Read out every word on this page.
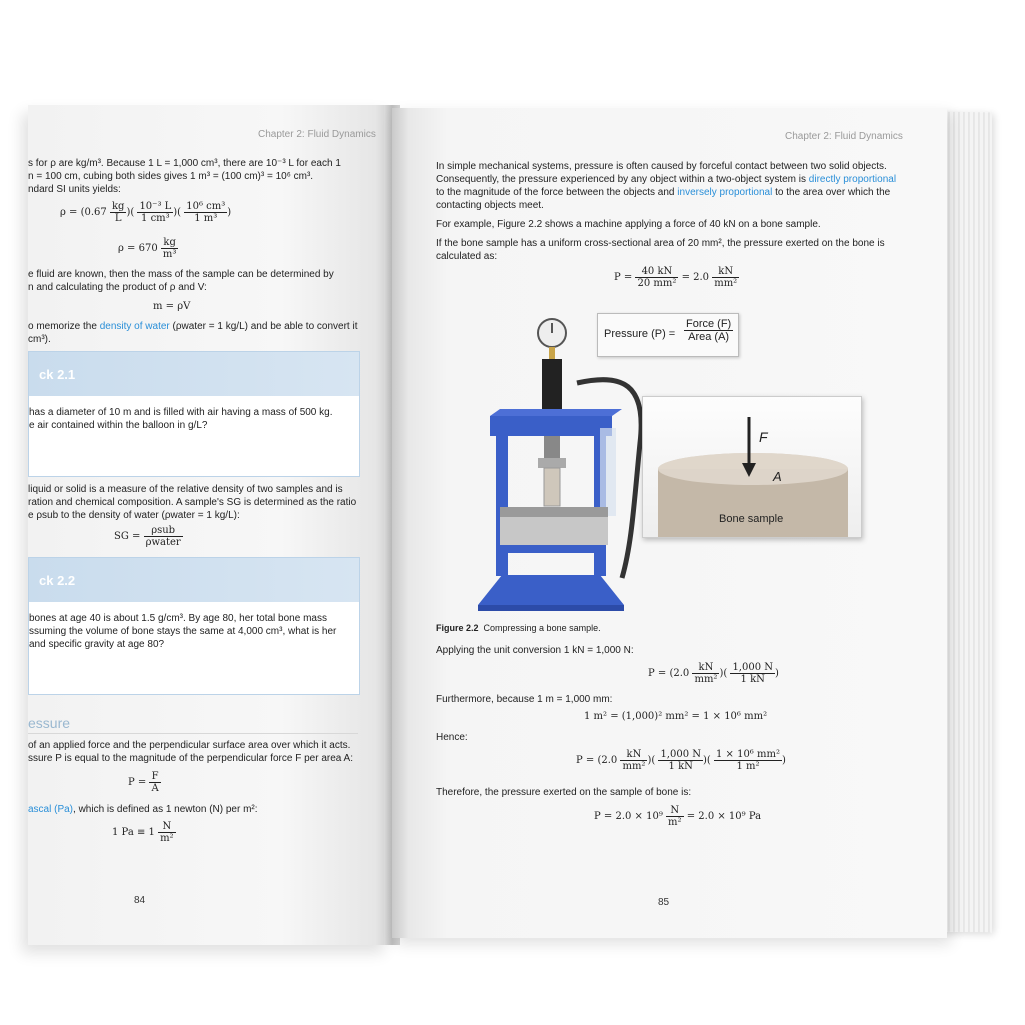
Chapter 2: Fluid Dynamics
s for ρ are kg/m³. Because 1 L = 1,000 cm³, there are 10⁻³ L for each 1
n = 100 cm, cubing both sides gives 1 m³ = (100 cm)³ = 10⁶ cm³.
ndard SI units yields:
$\rho = (0.67 \frac{kg}{L}$ )( $\frac{\text{10⁻³ L}}{\text{1 cm³}}$ )( $\frac{\text{10⁶ cm³}}{\text{1 m³}}$ )
$\rho = 670 \frac{kg}{\text{m³}}$
e fluid are known, then the mass of the sample can be determined by
n and calculating the product of ρ and V:
m = ρV
o memorize the density of water (ρwater = 1 kg/L) and be able to convert it
cm³).
ck 2.1
has a diameter of 10 m and is filled with air having a mass of 500 kg.
e air contained within the balloon in g/L?
liquid or solid is a measure of the relative density of two samples and is
ration and chemical composition. A sample's SG is determined as the ratio
e ρsub to the density of water (ρwater = 1 kg/L):
SG = $\frac{\text{ρsub}}{\text{ρwater}}$
ck 2.2
bones at age 40 is about 1.5 g/cm³. By age 80, her total bone mass
ssuming the volume of bone stays the same at 4,000 cm³, what is her
and specific gravity at age 80?
essure
of an applied force and the perpendicular surface area over which it acts.
ssure P is equal to the magnitude of the perpendicular force F per area A:
$P = \frac{F}{A}$
ascal (Pa), which is defined as 1 newton (N) per m²:
1 $Pa \equiv 1 \frac{N}{\text{m²}}$
84
Chapter 2: Fluid Dynamics
In simple mechanical systems, pressure is often caused by forceful contact between two solid objects.
Consequently, the pressure experienced by any object within a two-object system is directly proportional
to the magnitude of the force between the objects and inversely proportional to the area over which the
contacting objects meet.
For example, Figure 2.2 shows a machine applying a force of 40 kN on a bone sample.
If the bone sample has a uniform cross-sectional area of 20 mm², the pressure exerted on the bone is
calculated as:
$P = \frac{40 kN}{\text{20 mm²}} = 2.0 \frac{kN}{\text{mm²}}$
Pressure (P) =
Force (F)
Area (A)
F
A
Bone sample
Figure 2.2 Compressing a bone sample.
Applying the unit conversion 1 kN = 1,000 N:
$P = (2.0 \frac{kN}{\text{mm²}}$ )( $\frac{1,000 N}{1 kN}$ )
Furthermore, because 1 m = 1,000 mm:
1 m² = (1,000)² mm² = 1 × 10⁶ mm²
Hence:
$P = (2.0 \frac{kN}{\text{mm²}}$ )( $\frac{1,000 N}{1 kN}$ )( $\frac{\text{1 × 10⁶ mm²}}{\text{1 m²}}$ )
Therefore, the pressure exerted on the sample of bone is:
$P = 2.0 \times 10^9 \frac{N}{\text{m²}} = 2.0 \times 10^9$ Pa
85
